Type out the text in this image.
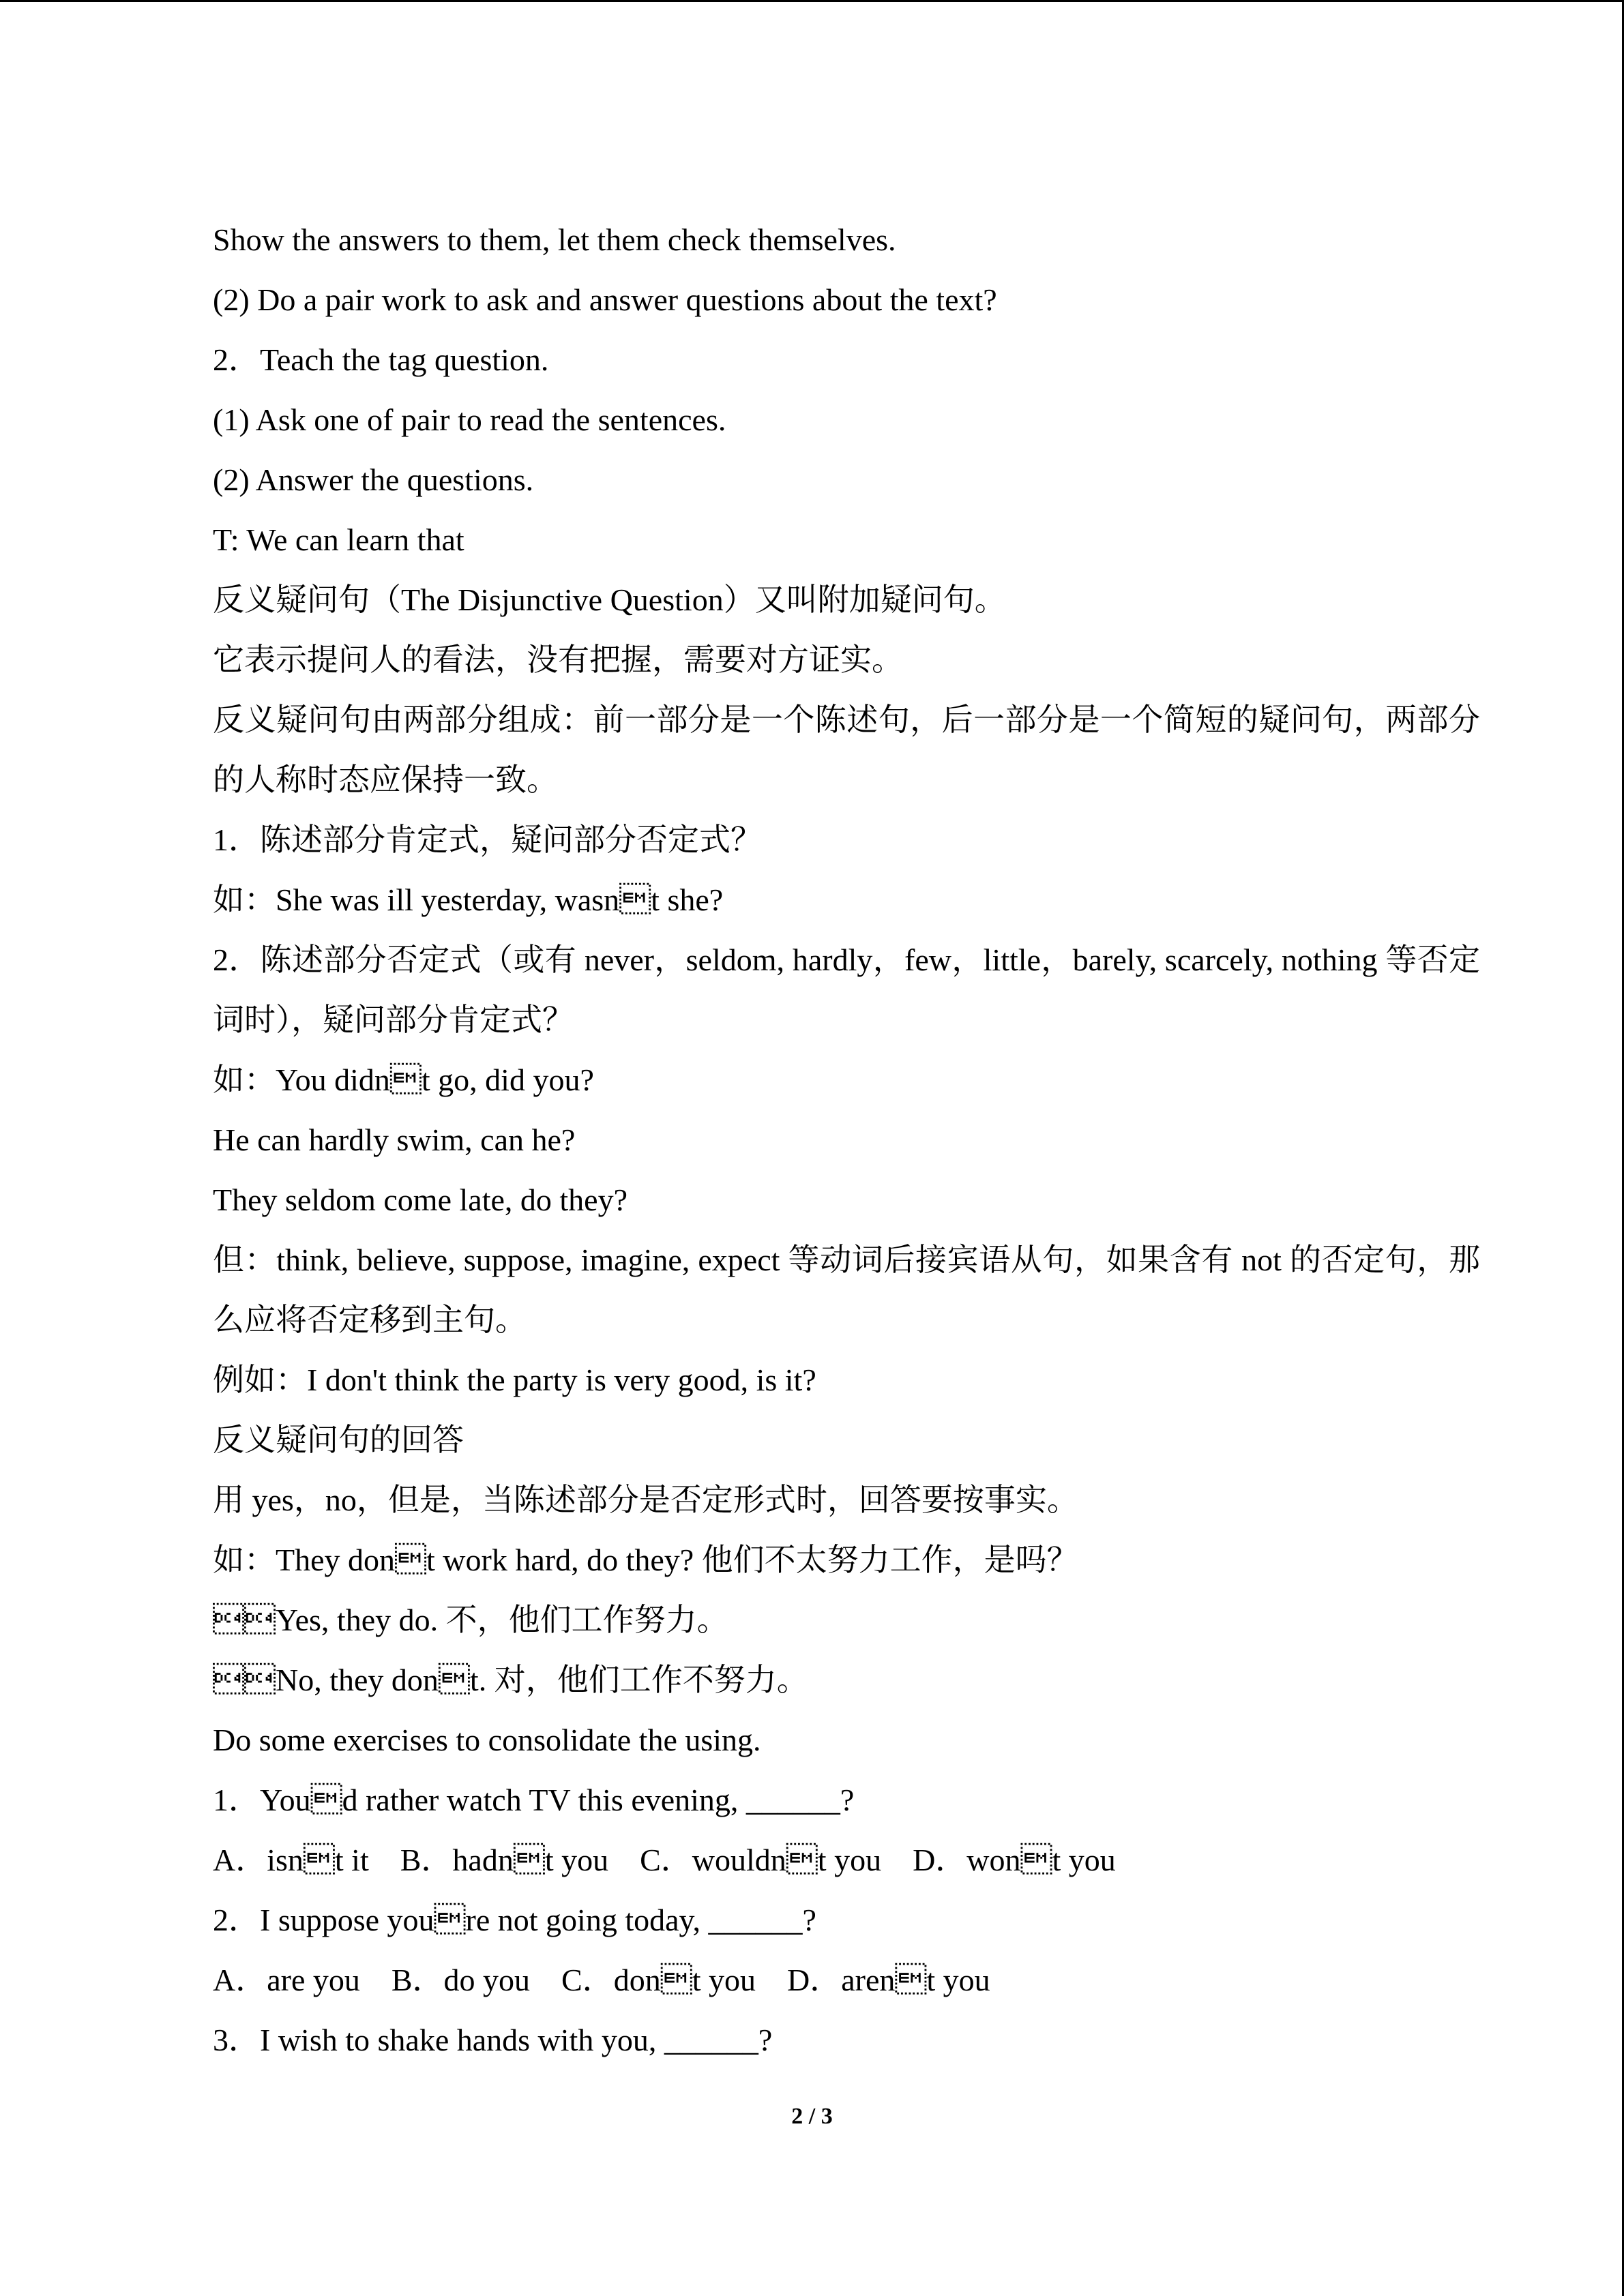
Show the answers to them, let them check themselves.

(2) Do a pair work to ask and answer questions about the text?

2．Teach the tag question.

(1) Ask one of pair to read the sentences.

(2) Answer the questions.

T: We can learn that

反义疑问句（The Disjunctive Question）又叫附加疑问句。

它表示提问人的看法，没有把握，需要对方证实。

反义疑问句由两部分组成：前一部分是一个陈述句，后一部分是一个简短的疑问句，两部分的人称时态应保持一致。

1．陈述部分肯定式，疑问部分否定式？

如：She was ill yesterday, wasnt she?

2．陈述部分否定式（或有 never，seldom, hardly，few，little，barely, scarcely, nothing 等否定词时），疑问部分肯定式？

如：You didnt go, did you?

He can hardly swim, can he?

They seldom come late, do they?

但：think, believe, suppose, imagine, expect 等动词后接宾语从句，如果含有 not 的否定句，那么应将否定移到主句。

例如：I don't think the party is very good, is it?

反义疑问句的回答

用 yes，no，但是，当陈述部分是否定形式时，回答要按事实。

如：They dont work hard, do they? 他们不太努力工作，是吗？

Yes, they do. 不，他们工作努力。

No, they dont. 对，他们工作不努力。

Do some exercises to consolidate the using.

1．Youd rather watch TV this evening, ______?

A．isnt it　B．hadnt you　C．wouldnt you　D．wont you

2．I suppose youre not going today, ______?

A．are you　B．do you　C．dont you　D．arent you

3．I wish to shake hands with you, ______?

2 / 3
